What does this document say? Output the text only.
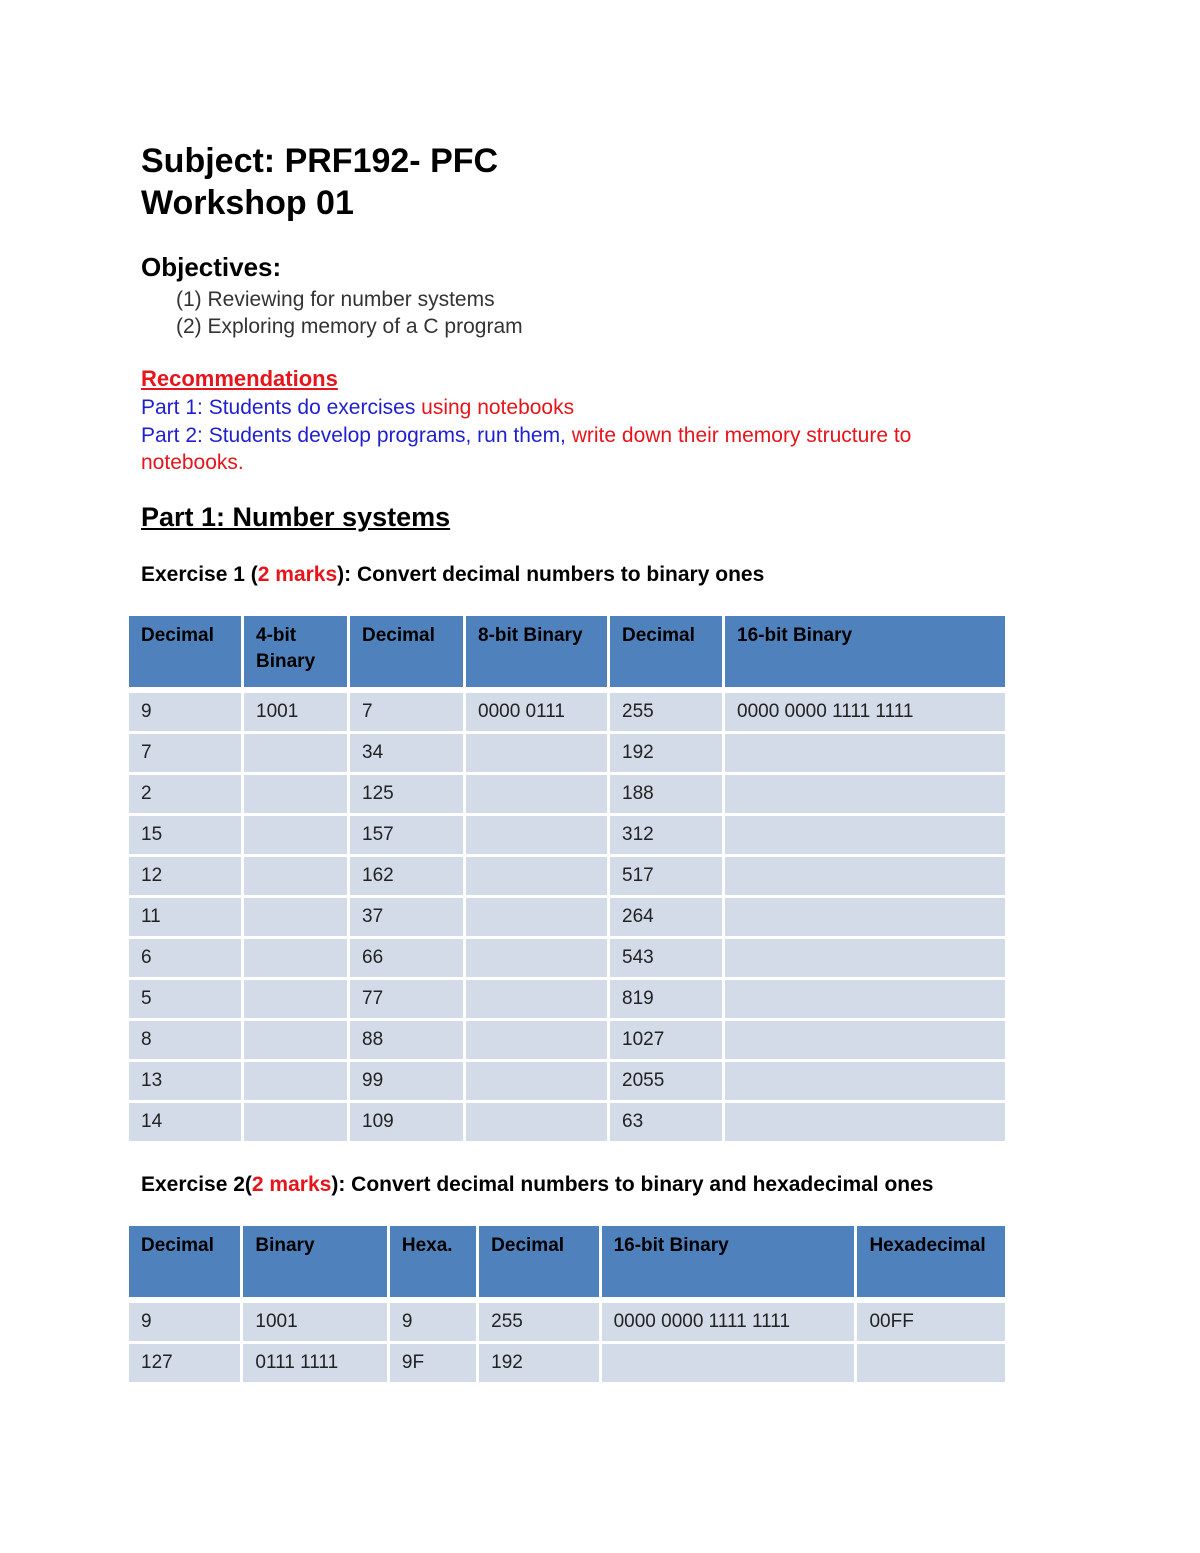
Subject: PRF192- PFC
Workshop 01
Objectives:
(1) Reviewing for number systems
(2) Exploring memory of a C program
Recommendations
Part 1: Students do exercises using notebooks
Part 2: Students develop programs, run them, write down their memory structure to
notebooks.
Part 1: Number systems
Exercise 1 (2 marks): Convert decimal numbers to binary ones
Decimal	4-bit Binary	Decimal	8-bit Binary	Decimal	16-bit Binary

9	1001	7	0000 0111	255	0000 0000 1111 1111
7		34		192	
2		125		188	
15		157		312	
12		162		517	
11		37		264	
6		66		543	
5		77		819	
8		88		1027	
13		99		2055	
14		109		63	
Exercise 2(2 marks): Convert decimal numbers to binary and hexadecimal ones
Decimal	Binary	Hexa.	Decimal	16-bit Binary	Hexadecimal

9	1001	9	255	0000 0000 1111 1111	00FF
127	0111 1111	9F	192		
